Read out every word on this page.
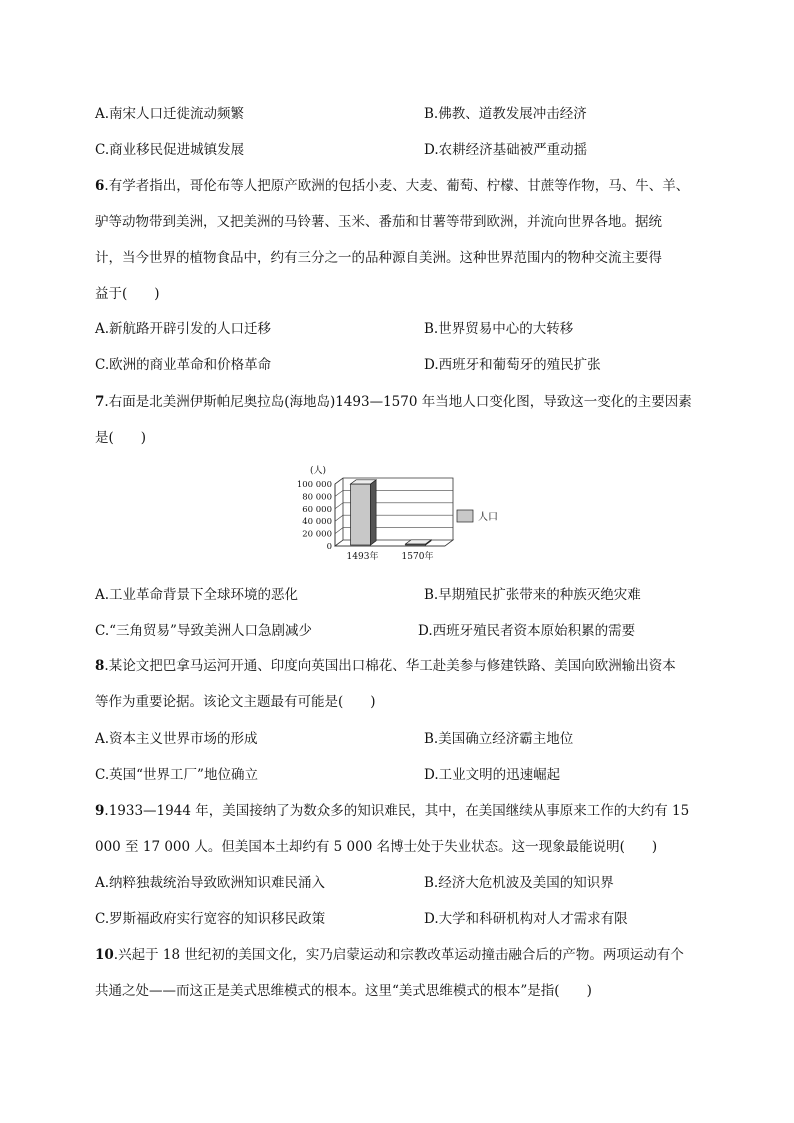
A.南宋人口迁徙流动频繁	B.佛教、道教发展冲击经济
C.商业移民促进城镇发展	D.农耕经济基础被严重动摇
6.有学者指出，哥伦布等人把原产欧洲的包括小麦、大麦、葡萄、柠檬、甘蔗等作物，马、牛、羊、
驴等动物带到美洲，又把美洲的马铃薯、玉米、番茄和甘薯等带到欧洲，并流向世界各地。据统
计，当今世界的植物食品中，约有三分之一的品种源自美洲。这种世界范围内的物种交流主要得
益于(　　)
A.新航路开辟引发的人口迁移	B.世界贸易中心的大转移
C.欧洲的商业革命和价格革命	D.西班牙和葡萄牙的殖民扩张
7.右面是北美洲伊斯帕尼奥拉岛(海地岛)1493—1570 年当地人口变化图，导致这一变化的主要因素
是(　　)
(人)
100 000
80 000
60 000
40 000
20 000
0
1493年	1570年
人口
A.工业革命背景下全球环境的恶化	B.早期殖民扩张带来的种族灭绝灾难
C.“三角贸易”导致美洲人口急剧减少	D.西班牙殖民者资本原始积累的需要
8.某论文把巴拿马运河开通、印度向英国出口棉花、华工赴美参与修建铁路、美国向欧洲输出资本
等作为重要论据。该论文主题最有可能是(　　)
A.资本主义世界市场的形成	B.美国确立经济霸主地位
C.英国“世界工厂”地位确立	D.工业文明的迅速崛起
9.1933—1944 年，美国接纳了为数众多的知识难民，其中，在美国继续从事原来工作的大约有 15
000 至 17 000 人。但美国本土却约有 5 000 名博士处于失业状态。这一现象最能说明(　　)
A.纳粹独裁统治导致欧洲知识难民涌入	B.经济大危机波及美国的知识界
C.罗斯福政府实行宽容的知识移民政策	D.大学和科研机构对人才需求有限
10.兴起于 18 世纪初的美国文化，实乃启蒙运动和宗教改革运动撞击融合后的产物。两项运动有个
共通之处——而这正是美式思维模式的根本。这里“美式思维模式的根本”是指(　　)
